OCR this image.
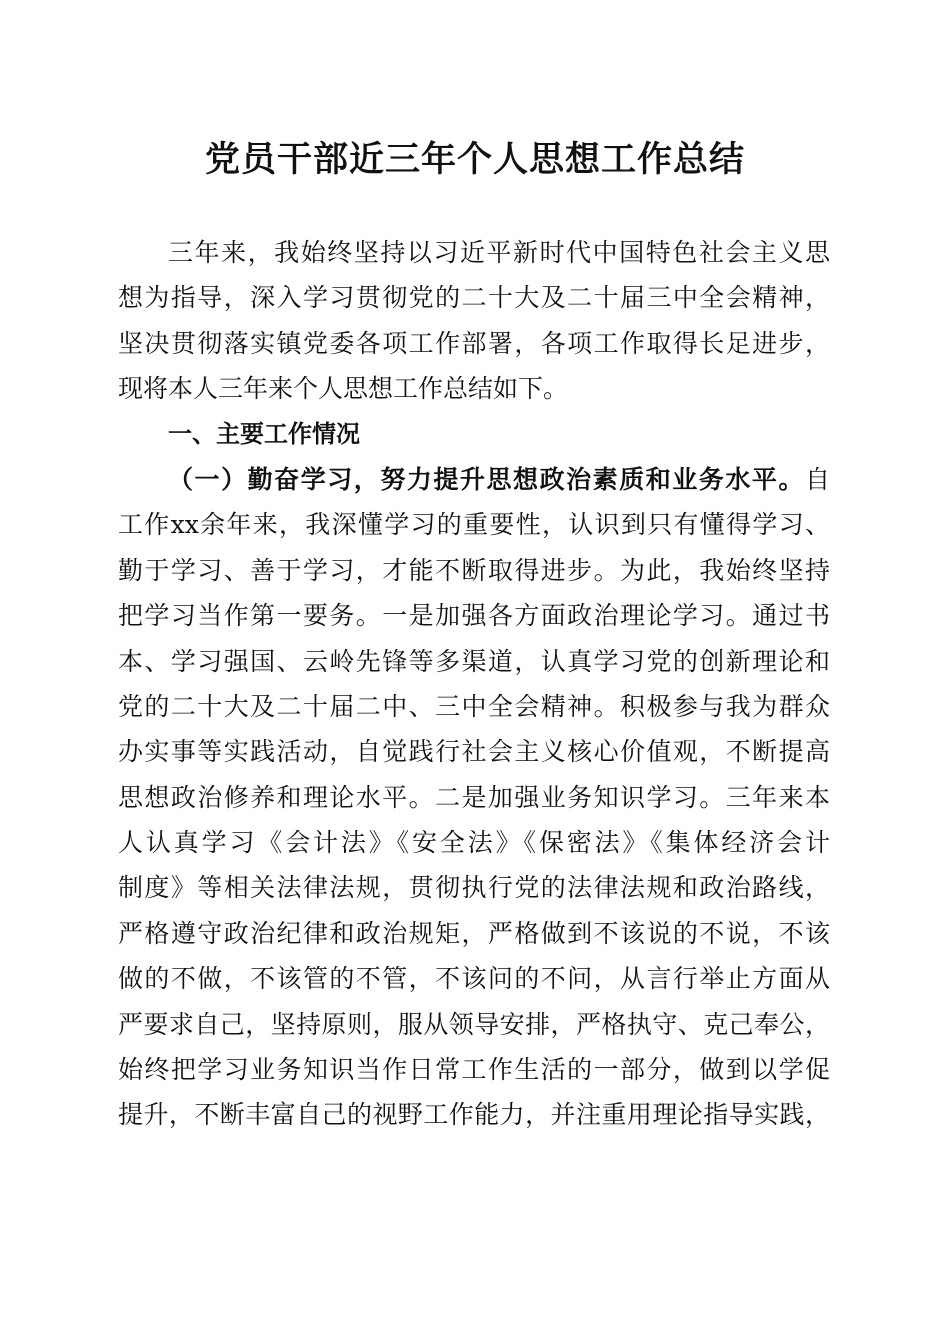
党员干部近三年个人思想工作总结
三年来，我始终坚持以习近平新时代中国特色社会主义思
想为指导，深入学习贯彻党的二十大及二十届三中全会精神，
坚决贯彻落实镇党委各项工作部署，各项工作取得长足进步，
现将本人三年来个人思想工作总结如下。
一、主要工作情况
（一）勤奋学习，努力提升思想政治素质和业务水平。自
工作xx余年来，我深懂学习的重要性，认识到只有懂得学习、
勤于学习、善于学习，才能不断取得进步。为此，我始终坚持
把学习当作第一要务。一是加强各方面政治理论学习。通过书
本、学习强国、云岭先锋等多渠道，认真学习党的创新理论和
党的二十大及二十届二中、三中全会精神。积极参与我为群众
办实事等实践活动，自觉践行社会主义核心价值观，不断提高
思想政治修养和理论水平。二是加强业务知识学习。三年来本
人认真学习《会计法》《安全法》《保密法》《集体经济会计
制度》等相关法律法规，贯彻执行党的法律法规和政治路线，
严格遵守政治纪律和政治规矩，严格做到不该说的不说，不该
做的不做，不该管的不管，不该问的不问，从言行举止方面从
严要求自己，坚持原则，服从领导安排，严格执守、克己奉公，
始终把学习业务知识当作日常工作生活的一部分，做到以学促
提升，不断丰富自己的视野工作能力，并注重用理论指导实践，
